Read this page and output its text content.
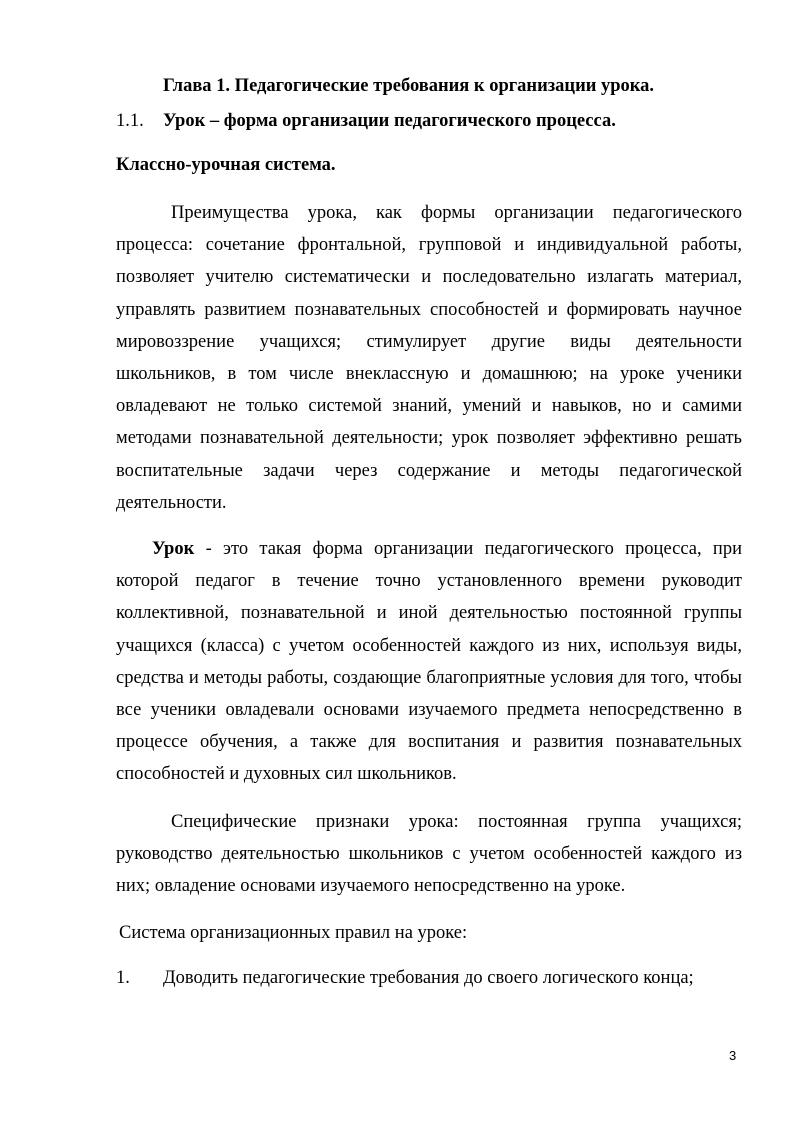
Глава 1. Педагогические требования к организации урока.
1.1. Урок – форма организации педагогического процесса.
Классно-урочная система.

Преимущества урока, как формы организации педагогического процесса: сочетание фронтальной, групповой и индивидуальной работы, позволяет учителю систематически и последовательно излагать материал, управлять развитием познавательных способностей и формировать научное мировоззрение учащихся; стимулирует другие виды деятельности школьников, в том числе внеклассную и домашнюю; на уроке ученики овладевают не только системой знаний, умений и навыков, но и самими методами познавательной деятельности; урок позволяет эффективно решать воспитательные задачи через содержание и методы педагогической деятельности.

Урок - это такая форма организации педагогического процесса, при которой педагог в течение точно установленного времени руководит коллективной, познавательной и иной деятельностью постоянной группы учащихся (класса) с учетом особенностей каждого из них, используя виды, средства и методы работы, создающие благоприятные условия для того, чтобы все ученики овладевали основами изучаемого предмета непосредственно в процессе обучения, а также для воспитания и развития познавательных способностей и духовных сил школьников.

Специфические признаки урока: постоянная группа учащихся; руководство деятельностью школьников с учетом особенностей каждого из них; овладение основами изучаемого непосредственно на уроке.

Система организационных правил на уроке:
1. Доводить педагогические требования до своего логического конца;
3
